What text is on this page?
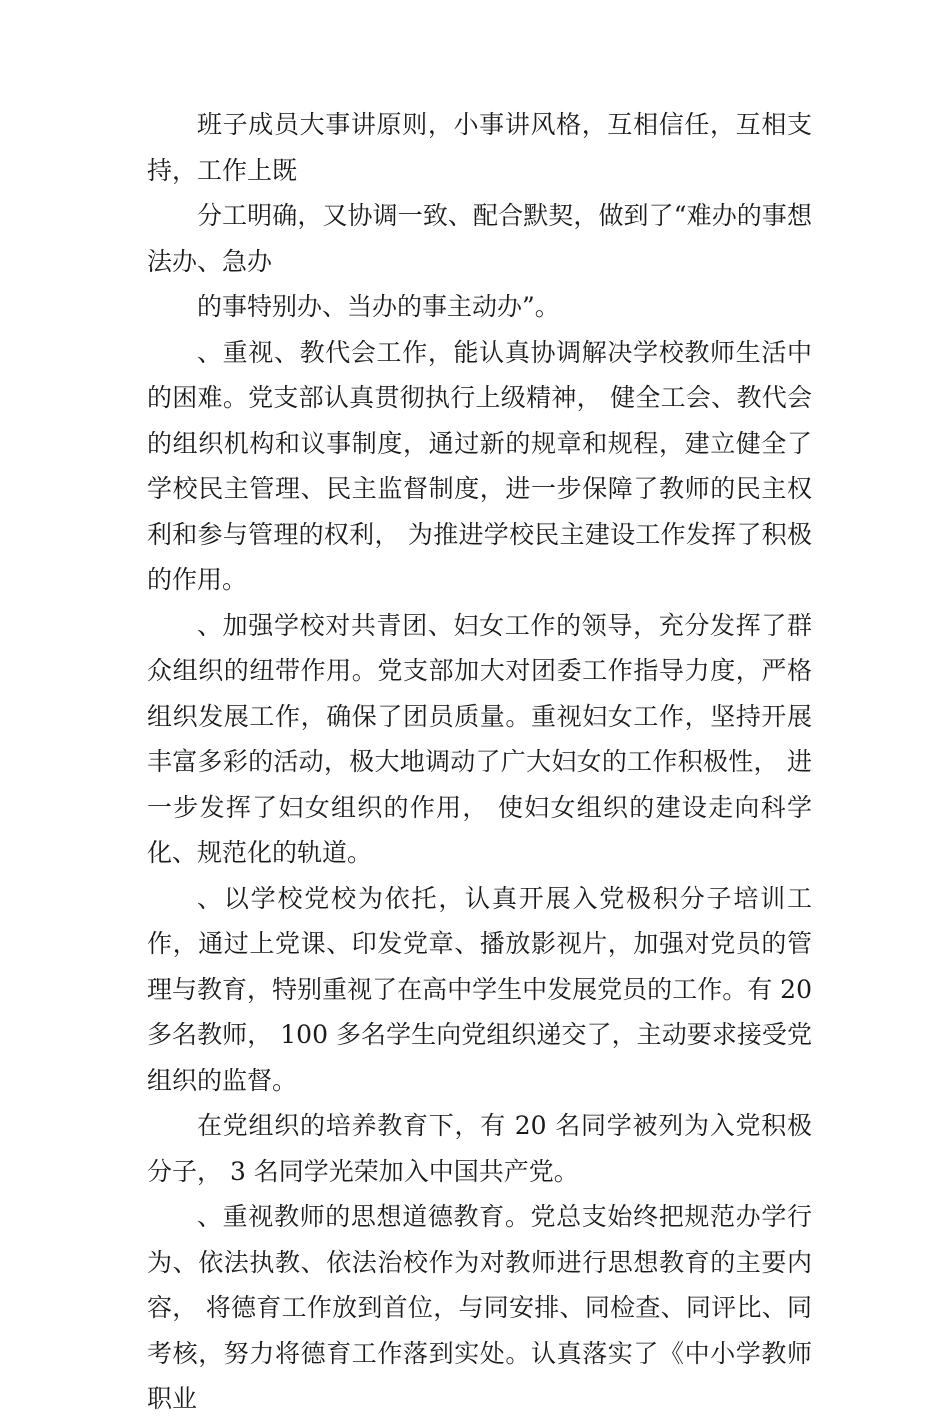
班子成员大事讲原则，小事讲风格，互相信任，互相支持，工作上既

分工明确，又协调一致、配合默契，做到了“难办的事想法办、急办

的事特别办、当办的事主动办”。

、重视、教代会工作，能认真协调解决学校教师生活中的困难。党支部认真贯彻执行上级精神， 健全工会、教代会的组织机构和议事制度，通过新的规章和规程，建立健全了学校民主管理、民主监督制度，进一步保障了教师的民主权利和参与管理的权利， 为推进学校民主建设工作发挥了积极的作用。

、加强学校对共青团、妇女工作的领导，充分发挥了群众组织的纽带作用。党支部加大对团委工作指导力度，严格组织发展工作，确保了团员质量。重视妇女工作，坚持开展丰富多彩的活动，极大地调动了广大妇女的工作积极性， 进一步发挥了妇女组织的作用， 使妇女组织的建设走向科学化、规范化的轨道。

、以学校党校为依托，认真开展入党极积分子培训工作，通过上党课、印发党章、播放影视片，加强对党员的管理与教育，特别重视了在高中学生中发展党员的工作。有 20 多名教师， 100 多名学生向党组织递交了，主动要求接受党组织的监督。

在党组织的培养教育下，有 20 名同学被列为入党积极分子， 3 名同学光荣加入中国共产党。

、重视教师的思想道德教育。党总支始终把规范办学行为、依法执教、依法治校作为对教师进行思想教育的主要内容， 将德育工作放到首位，与同安排、同检查、同评比、同考核，努力将德育工作落到实处。认真落实了《中小学教师职业
